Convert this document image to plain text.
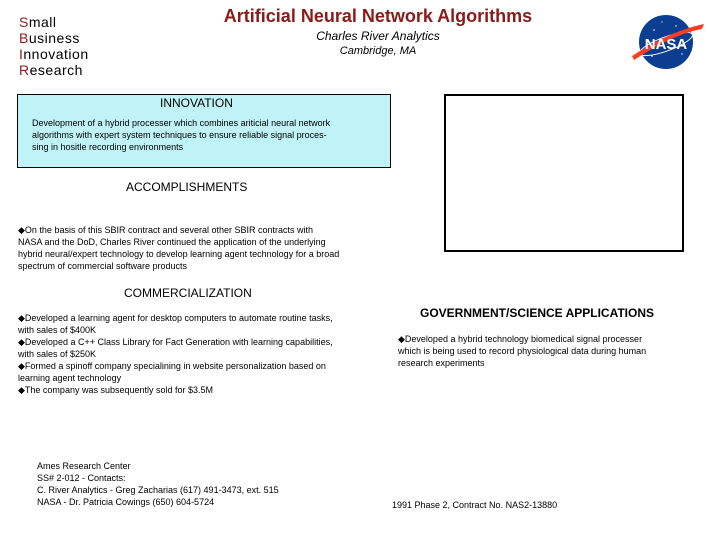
Small
Business
Innovation
Research
Artificial Neural Network Algorithms
Charles River Analytics
Cambridge, MA	NASA
INNOVATION
Development of a hybrid processer which combines ariticial neural network
algorithms with expert system techniques to ensure reliable signal proces-
sing in hositle recording environments
ACCOMPLISHMENTS
◆On the basis of this SBIR contract and several other SBIR contracts with
NASA and the DoD, Charles River continued the application of the underlying
hybrid neural/expert technology to develop learning agent technology for a broad
spectrum of commercial software products
COMMERCIALIZATION
◆Developed a learning agent for desktop computers to automate routine tasks,
with sales of $400K
◆Developed a C++ Class Library for Fact Generation with learning capabilities,
with sales of $250K
◆Formed a spinoff company specialining in website personalization based on
learning agent technology
◆The company was subsequently sold for $3.5M
GOVERNMENT/SCIENCE APPLICATIONS
◆Developed a hybrid technology biomedical signal processer
which is being used to record physiological data during human
research experiments
Ames Research Center
SS# 2-012 - Contacts:
C. River Analytics - Greg Zacharias (617) 491-3473, ext. 515
NASA - Dr. Patricia Cowings (650) 604-5724	1991 Phase 2, Contract No. NAS2-13880
